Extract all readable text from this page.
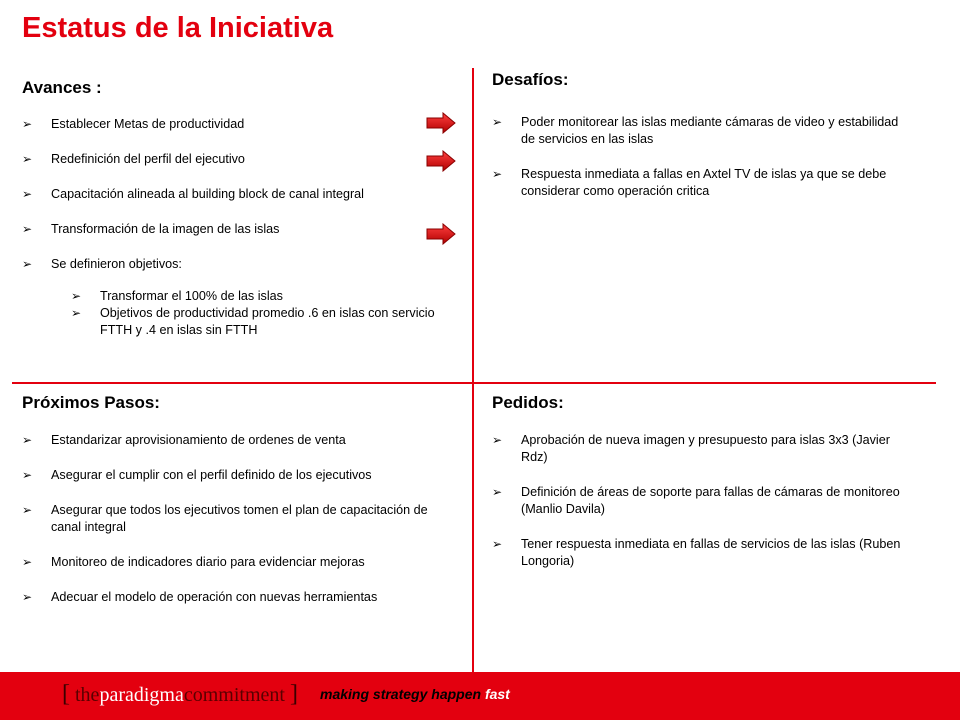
Estatus de la Iniciativa
Avances :
➢ Establecer Metas de productividad
➢ Redefinición del perfil del ejecutivo
➢ Capacitación alineada al building block de canal integral
➢ Transformación de la imagen de las islas
➢ Se definieron objetivos:
➢ Transformar el 100% de las islas
➢ Objetivos de productividad promedio .6 en islas con servicio FTTH y .4 en islas sin FTTH
Desafíos:
➢ Poder monitorear las islas mediante cámaras de video y estabilidad de servicios en las islas
➢ Respuesta inmediata a fallas en Axtel TV de islas ya que se debe considerar como operación critica
Próximos Pasos:
➢ Estandarizar aprovisionamiento de ordenes de venta
➢ Asegurar el cumplir con el perfil definido de los ejecutivos
➢ Asegurar que todos los ejecutivos tomen el plan de capacitación de canal integral
➢ Monitoreo de indicadores diario para evidenciar mejoras
➢ Adecuar el modelo de operación con nuevas herramientas
Pedidos:
➢ Aprobación de nueva imagen y presupuesto para islas 3x3 (Javier Rdz)
➢ Definición de áreas de soporte para fallas de cámaras de monitoreo (Manlio Davila)
➢ Tener respuesta inmediata en fallas de servicios de las islas (Ruben Longoria)
[ theparadigmacommitment ] making strategy happen fast
